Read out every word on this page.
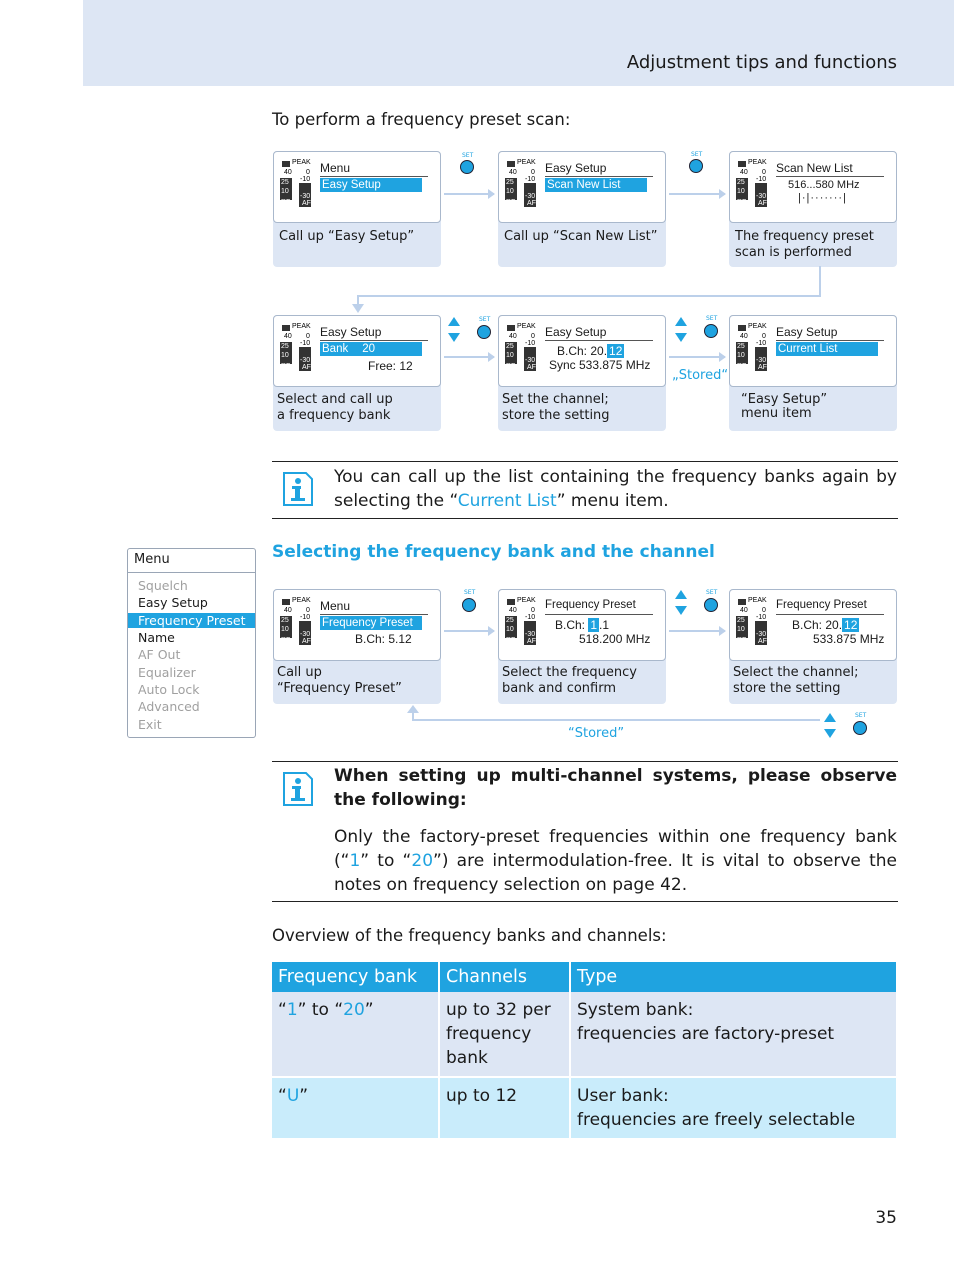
Adjustment tips and functions
To perform a frequency preset scan:
PEAK
40 0
25
10
-10
-30
RF AF
Menu
Easy Setup
Call up “Easy Setup”
SET
PEAK
40 0
25
10
-10
-30
RF AF
Easy Setup
Scan New List
Call up “Scan New List”
SET
PEAK
40 0
25
10
-10
-30
RF AF
Scan New List
516...580 MHz
|·|·······|
The frequency preset
scan is performed
PEAK
40 0
25
10
-10
-30
RF AF
Easy Setup
Bank 20
Free: 12
Select and call up
a frequency bank
SET
PEAK
40 0
25
10
-10
-30
RF AF
Easy Setup
B.Ch: 20. 12
Sync 533.875 MHz
Set the channel;
store the setting
SET
„Stored“
PEAK
40 0
25
10
-10
-30
RF AF
Easy Setup
Current List
“Easy Setup”
menu item
You can call up the list containing the frequency banks again by selecting the “Current List” menu item.
Menu
Squelch
Easy Setup
Frequency Preset
Name
AF Out
Equalizer
Auto Lock
Advanced
Exit
Selecting the frequency bank and the channel
PEAK
40 0
25
10
-10
-30
RF AF
Menu
Frequency Preset
B.Ch: 5.12
Call up
“Frequency Preset”
SET
PEAK
40 0
25
10
-10
-30
RF AF
Frequency Preset
B.Ch: 1 .1
518.200 MHz
Select the frequency
bank and confirm
SET
PEAK
40 0
25
10
-10
-30
RF AF
Frequency Preset
B.Ch: 20. 12
533.875 MHz
Select the channel;
store the setting
“Stored”
SET
When setting up multi-channel systems, please observe the following:
Only the factory-preset frequencies within one frequency bank (“1” to “20”) are intermodulation-free. It is vital to observe the notes on frequency selection on page 42.
Overview of the frequency banks and channels:
Frequency bank	Channels	Type
“1” to “20”	up to 32 per frequency bank	System bank:
frequencies are factory-preset

“U”	up to 12	User bank:
frequencies are freely selectable
35
